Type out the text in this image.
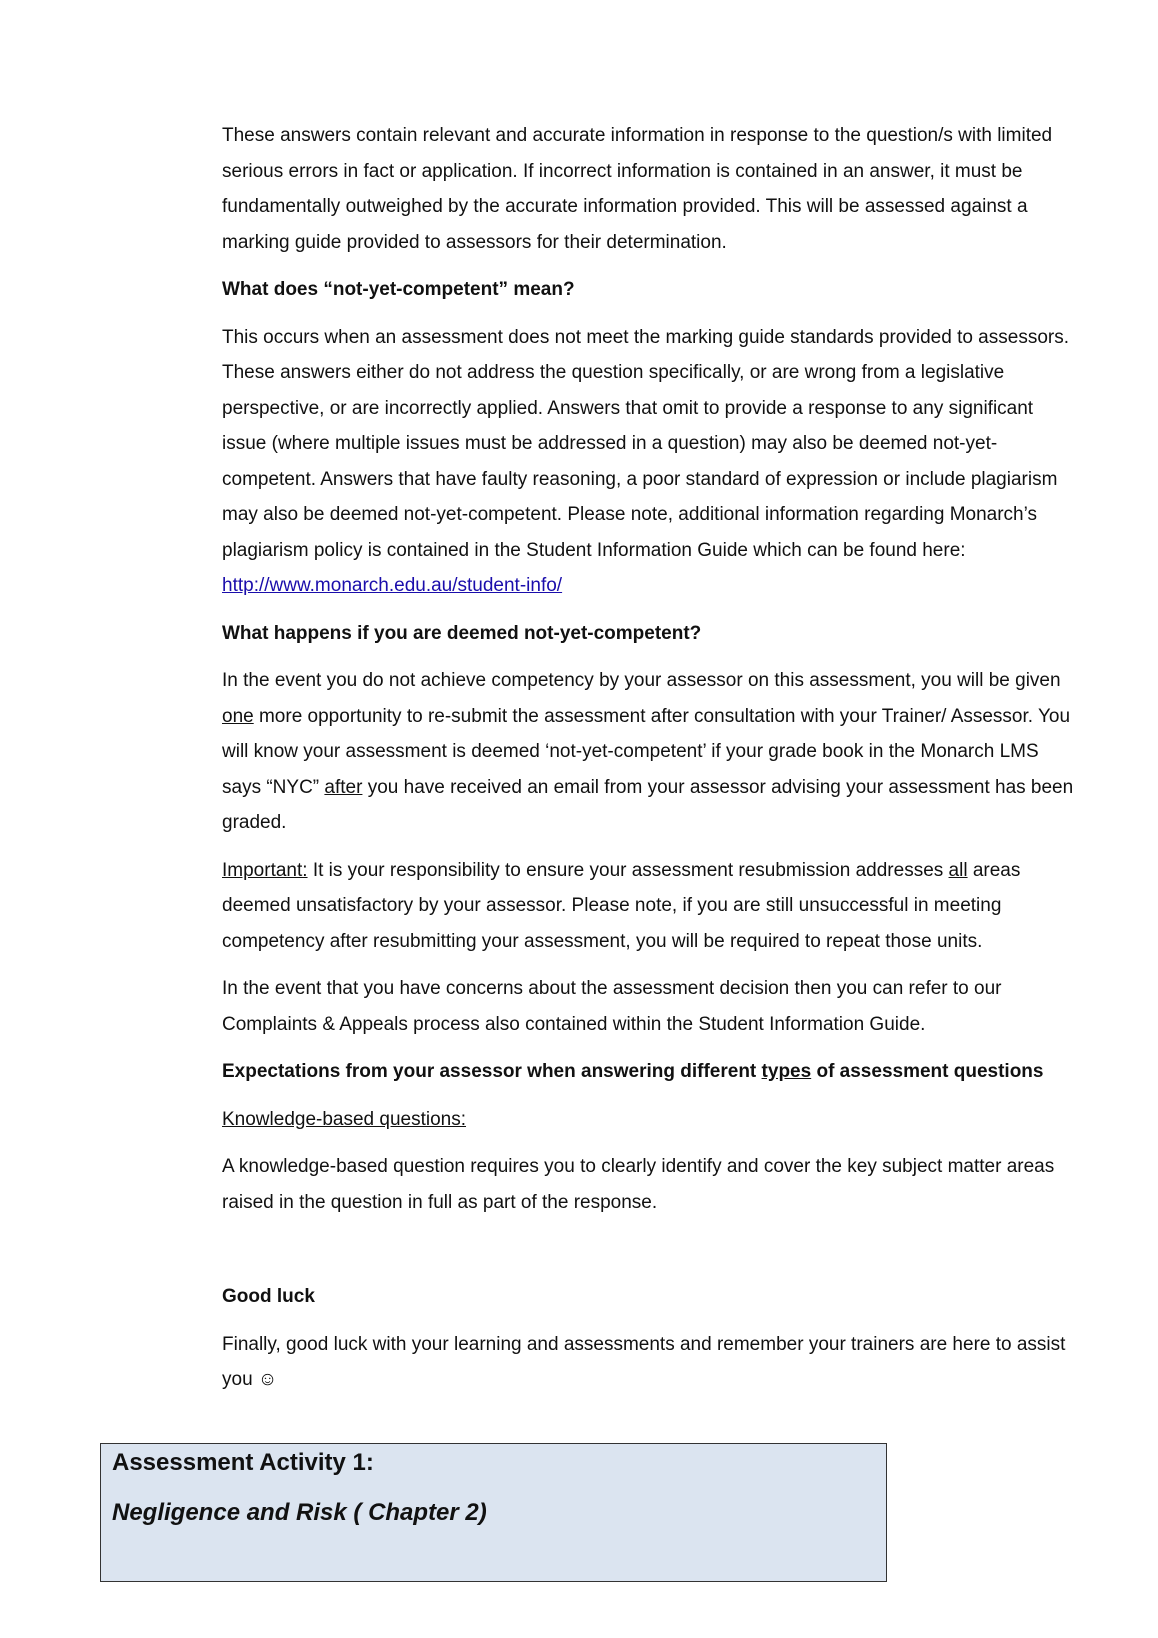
These answers contain relevant and accurate information in response to the question/s with limited serious errors in fact or application. If incorrect information is contained in an answer, it must be fundamentally outweighed by the accurate information provided. This will be assessed against a marking guide provided to assessors for their determination.

What does “not-yet-competent” mean?

This occurs when an assessment does not meet the marking guide standards provided to assessors. These answers either do not address the question specifically, or are wrong from a legislative perspective, or are incorrectly applied. Answers that omit to provide a response to any significant issue (where multiple issues must be addressed in a question) may also be deemed not-yet-competent. Answers that have faulty reasoning, a poor standard of expression or include plagiarism may also be deemed not-yet-competent. Please note, additional information regarding Monarch’s plagiarism policy is contained in the Student Information Guide which can be found here: http://www.monarch.edu.au/student-info/

What happens if you are deemed not-yet-competent?

In the event you do not achieve competency by your assessor on this assessment, you will be given one more opportunity to re-submit the assessment after consultation with your Trainer/ Assessor. You will know your assessment is deemed ‘not-yet-competent’ if your grade book in the Monarch LMS says “NYC” after you have received an email from your assessor advising your assessment has been graded.

Important: It is your responsibility to ensure your assessment resubmission addresses all areas deemed unsatisfactory by your assessor. Please note, if you are still unsuccessful in meeting competency after resubmitting your assessment, you will be required to repeat those units.

In the event that you have concerns about the assessment decision then you can refer to our Complaints & Appeals process also contained within the Student Information Guide.

Expectations from your assessor when answering different types of assessment questions

Knowledge-based questions:

A knowledge-based question requires you to clearly identify and cover the key subject matter areas raised in the question in full as part of the response.

Good luck

Finally, good luck with your learning and assessments and remember your trainers are here to assist you ☺

Assessment Activity 1:

Negligence and Risk ( Chapter 2)
